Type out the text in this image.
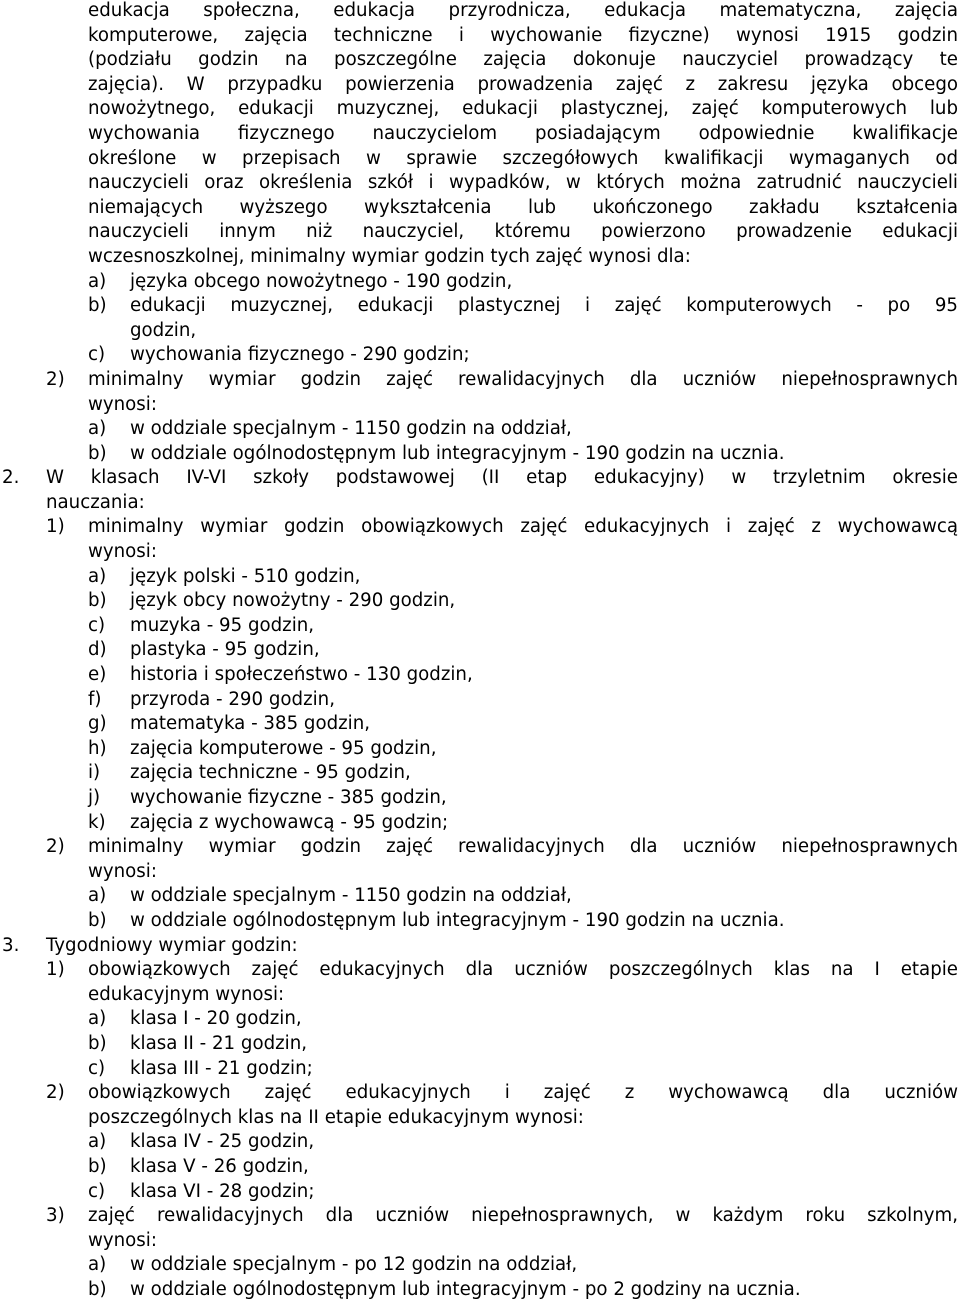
edukacja społeczna, edukacja przyrodnicza, edukacja matematyczna, zajęcia
komputerowe, zajęcia techniczne i wychowanie fizyczne) wynosi 1915 godzin
(podziału godzin na poszczególne zajęcia dokonuje nauczyciel prowadzący te
zajęcia). W przypadku powierzenia prowadzenia zajęć z zakresu języka obcego
nowożytnego, edukacji muzycznej, edukacji plastycznej, zajęć komputerowych lub
wychowania fizycznego nauczycielom posiadającym odpowiednie kwalifikacje
określone w przepisach w sprawie szczegółowych kwalifikacji wymaganych od
nauczycieli oraz określenia szkół i wypadków, w których można zatrudnić nauczycieli
niemających wyższego wykształcenia lub ukończonego zakładu kształcenia
nauczycieli innym niż nauczyciel, któremu powierzono prowadzenie edukacji
wczesnoszkolnej, minimalny wymiar godzin tych zajęć wynosi dla:
a) języka obcego nowożytnego - 190 godzin,
b) edukacji muzycznej, edukacji plastycznej i zajęć komputerowych - po 95
godzin,
c) wychowania fizycznego - 290 godzin;
2) minimalny wymiar godzin zajęć rewalidacyjnych dla uczniów niepełnosprawnych
wynosi:
a) w oddziale specjalnym - 1150 godzin na oddział,
b) w oddziale ogólnodostępnym lub integracyjnym - 190 godzin na ucznia.
2. W klasach IV-VI szkoły podstawowej (II etap edukacyjny) w trzyletnim okresie
nauczania:
1) minimalny wymiar godzin obowiązkowych zajęć edukacyjnych i zajęć z wychowawcą
wynosi:
a) język polski - 510 godzin,
b) język obcy nowożytny - 290 godzin,
c) muzyka - 95 godzin,
d) plastyka - 95 godzin,
e) historia i społeczeństwo - 130 godzin,
f) przyroda - 290 godzin,
g) matematyka - 385 godzin,
h) zajęcia komputerowe - 95 godzin,
i) zajęcia techniczne - 95 godzin,
j) wychowanie fizyczne - 385 godzin,
k) zajęcia z wychowawcą - 95 godzin;
2) minimalny wymiar godzin zajęć rewalidacyjnych dla uczniów niepełnosprawnych
wynosi:
a) w oddziale specjalnym - 1150 godzin na oddział,
b) w oddziale ogólnodostępnym lub integracyjnym - 190 godzin na ucznia.
3. Tygodniowy wymiar godzin:
1) obowiązkowych zajęć edukacyjnych dla uczniów poszczególnych klas na I etapie
edukacyjnym wynosi:
a) klasa I - 20 godzin,
b) klasa II - 21 godzin,
c) klasa III - 21 godzin;
2) obowiązkowych zajęć edukacyjnych i zajęć z wychowawcą dla uczniów
poszczególnych klas na II etapie edukacyjnym wynosi:
a) klasa IV - 25 godzin,
b) klasa V - 26 godzin,
c) klasa VI - 28 godzin;
3) zajęć rewalidacyjnych dla uczniów niepełnosprawnych, w każdym roku szkolnym,
wynosi:
a) w oddziale specjalnym - po 12 godzin na oddział,
b) w oddziale ogólnodostępnym lub integracyjnym - po 2 godziny na ucznia.
